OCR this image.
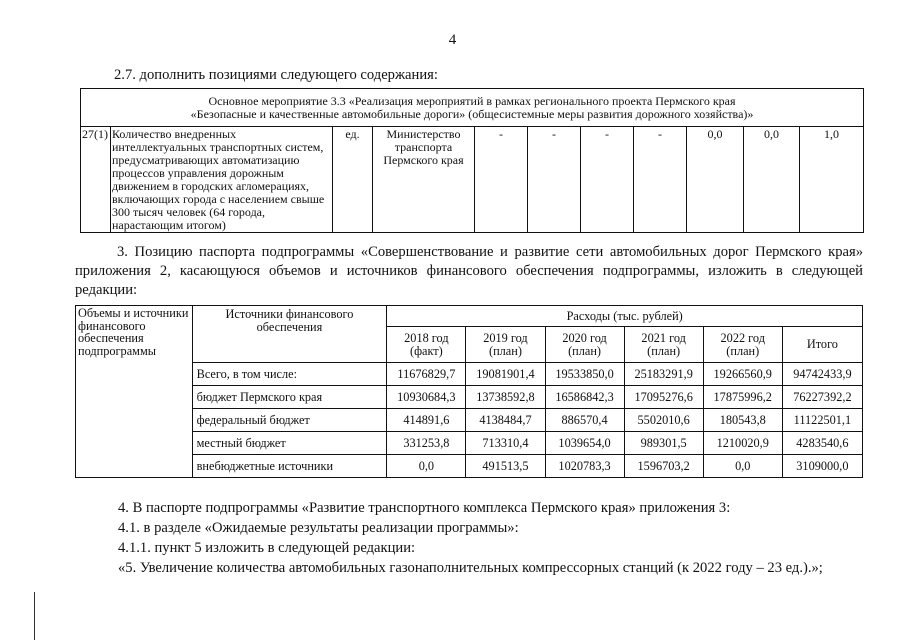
4
2.7. дополнить позициями следующего содержания:
Основное мероприятие 3.3 «Реализация мероприятий в рамках регионального проекта Пермского края
«Безопасные и качественные автомобильные дороги» (общесистемные меры развития дорожного хозяйства)»

27(1)	Количество внедренных интеллектуальных транспортных систем, предусматривающих автоматизацию процессов управления дорожным движением в городских агломерациях, включающих города с населением свыше 300 тысяч человек (64 города, нарастающим итогом)	ед.	Министерство транспорта Пермского края	-	-	-	-	0,0	0,0	1,0
3. Позицию паспорта подпрограммы «Совершенствование и развитие сети автомобильных дорог Пермского края» приложения 2, касающуюся объемов и источников финансового обеспечения подпрограммы, изложить в следующей редакции:
Объемы и источники финансового обеспечения подпрограммы	Источники финансового обеспечения	Расходы (тыс. рублей)					
		2018 год (факт)	2019 год (план)	2020 год (план)	2021 год (план)	2022 год (план)	Итого
	Всего, в том числе:	11676829,7	19081901,4	19533850,0	25183291,9	19266560,9	94742433,9
	бюджет Пермского края	10930684,3	13738592,8	16586842,3	17095276,6	17875996,2	76227392,2
	федеральный бюджет	414891,6	4138484,7	886570,4	5502010,6	180543,8	11122501,1
	местный бюджет	331253,8	713310,4	1039654,0	989301,5	1210020,9	4283540,6
	внебюджетные источники	0,0	491513,5	1020783,3	1596703,2	0,0	3109000,0
4. В паспорте подпрограммы «Развитие транспортного комплекса Пермского края» приложения 3:
4.1. в разделе «Ожидаемые результаты реализации программы»:
4.1.1. пункт 5 изложить в следующей редакции:
«5. Увеличение количества автомобильных газонаполнительных компрессорных станций (к 2022 году – 23 ед.).»;
